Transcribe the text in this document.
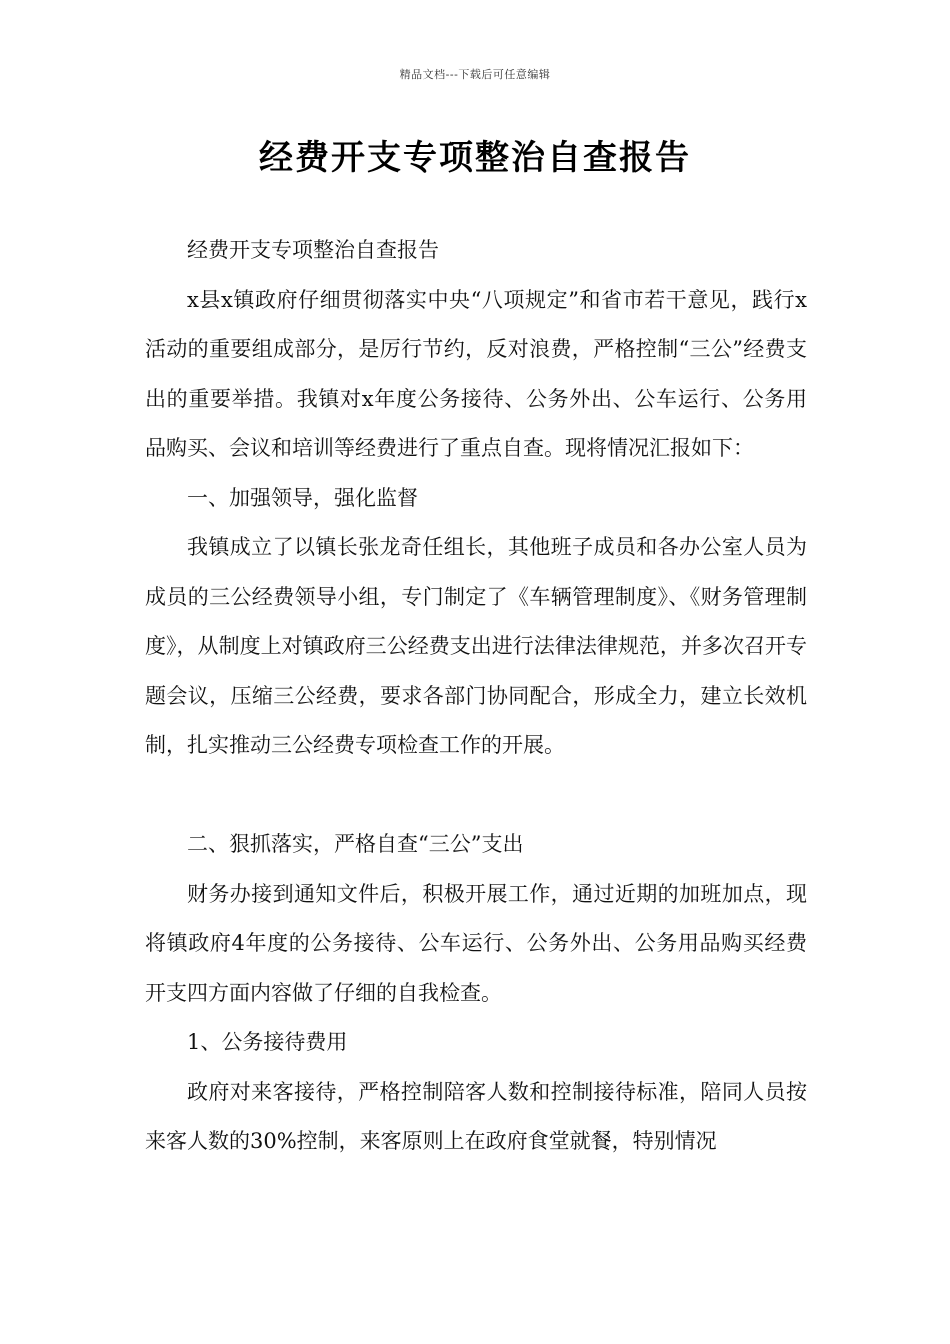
精品文档---下载后可任意编辑
经费开支专项整治自查报告

经费开支专项整治自查报告

x县x镇政府仔细贯彻落实中央“八项规定”和省市若干意见，践行x活动的重要组成部分，是厉行节约，反对浪费，严格控制“三公”经费支出的重要举措。我镇对x年度公务接待、公务外出、公车运行、公务用品购买、会议和培训等经费进行了重点自查。现将情况汇报如下：

一、加强领导，强化监督

我镇成立了以镇长张龙奇任组长，其他班子成员和各办公室人员为成员的三公经费领导小组，专门制定了《车辆管理制度》、《财务管理制度》，从制度上对镇政府三公经费支出进行法律法律规范，并多次召开专题会议，压缩三公经费，要求各部门协同配合，形成全力，建立长效机制，扎实推动三公经费专项检查工作的开展。

二、狠抓落实，严格自查“三公”支出

财务办接到通知文件后，积极开展工作，通过近期的加班加点，现将镇政府4年度的公务接待、公车运行、公务外出、公务用品购买经费开支四方面内容做了仔细的自我检查。

1、公务接待费用

政府对来客接待，严格控制陪客人数和控制接待标准，陪同人员按来客人数的30%控制，来客原则上在政府食堂就餐，特别情况
